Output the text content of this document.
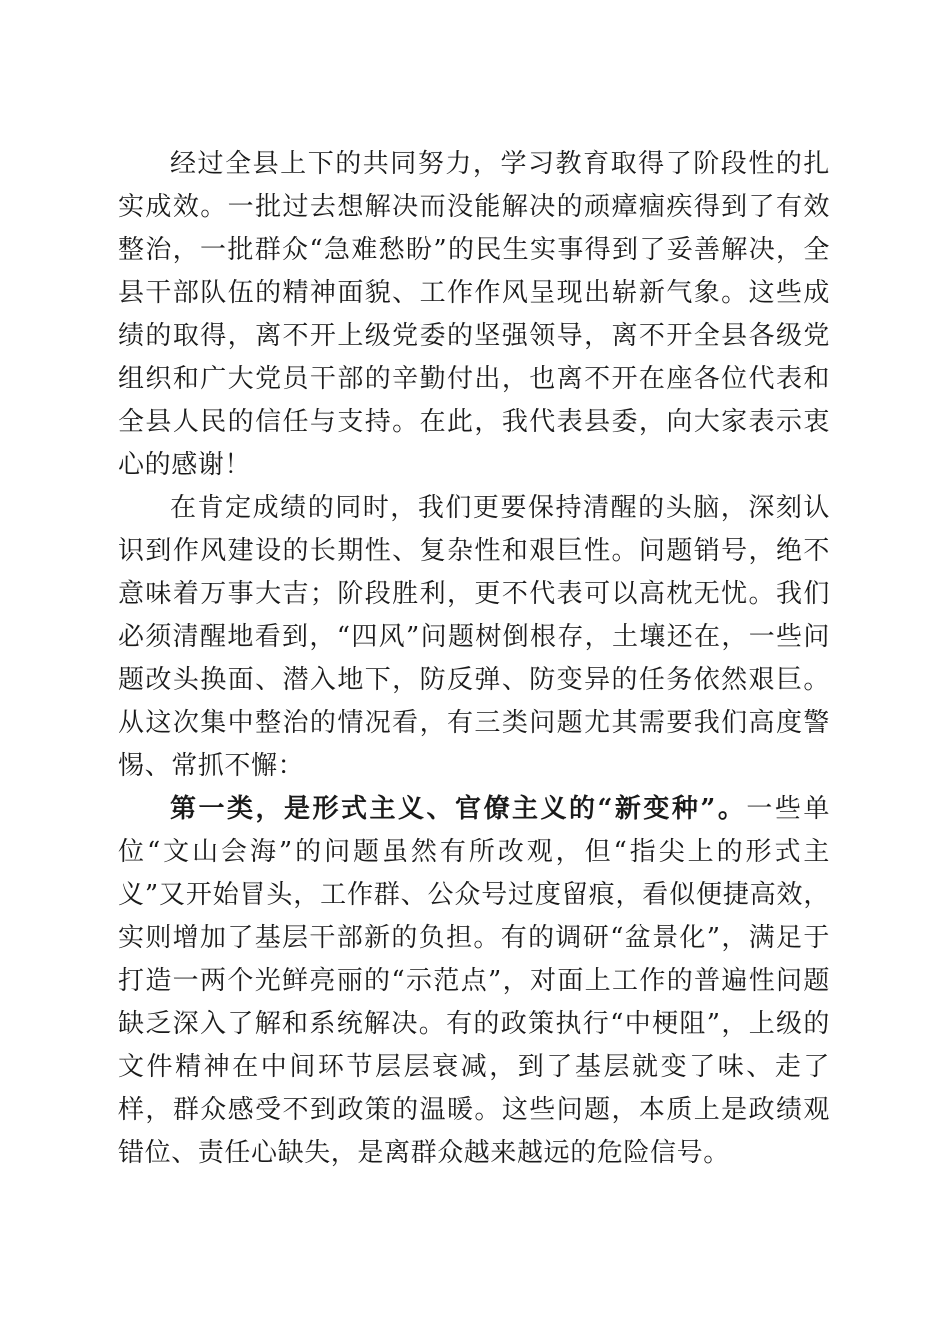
经过全县上下的共同努力，学习教育取得了阶段性的扎实成效。一批过去想解决而没能解决的顽瘴痼疾得到了有效整治，一批群众“急难愁盼”的民生实事得到了妥善解决，全县干部队伍的精神面貌、工作作风呈现出崭新气象。这些成绩的取得，离不开上级党委的坚强领导，离不开全县各级党组织和广大党员干部的辛勤付出，也离不开在座各位代表和全县人民的信任与支持。在此，我代表县委，向大家表示衷心的感谢！

在肯定成绩的同时，我们更要保持清醒的头脑，深刻认识到作风建设的长期性、复杂性和艰巨性。问题销号，绝不意味着万事大吉；阶段胜利，更不代表可以高枕无忧。我们必须清醒地看到，“四风”问题树倒根存，土壤还在，一些问题改头换面、潜入地下，防反弹、防变异的任务依然艰巨。从这次集中整治的情况看，有三类问题尤其需要我们高度警惕、常抓不懈：

第一类，是形式主义、官僚主义的“新变种”。一些单位“文山会海”的问题虽然有所改观，但“指尖上的形式主义”又开始冒头，工作群、公众号过度留痕，看似便捷高效，实则增加了基层干部新的负担。有的调研“盆景化”，满足于打造一两个光鲜亮丽的“示范点”，对面上工作的普遍性问题缺乏深入了解和系统解决。有的政策执行“中梗阻”，上级的文件精神在中间环节层层衰减，到了基层就变了味、走了样，群众感受不到政策的温暖。这些问题，本质上是政绩观错位、责任心缺失，是离群众越来越远的危险信号。
